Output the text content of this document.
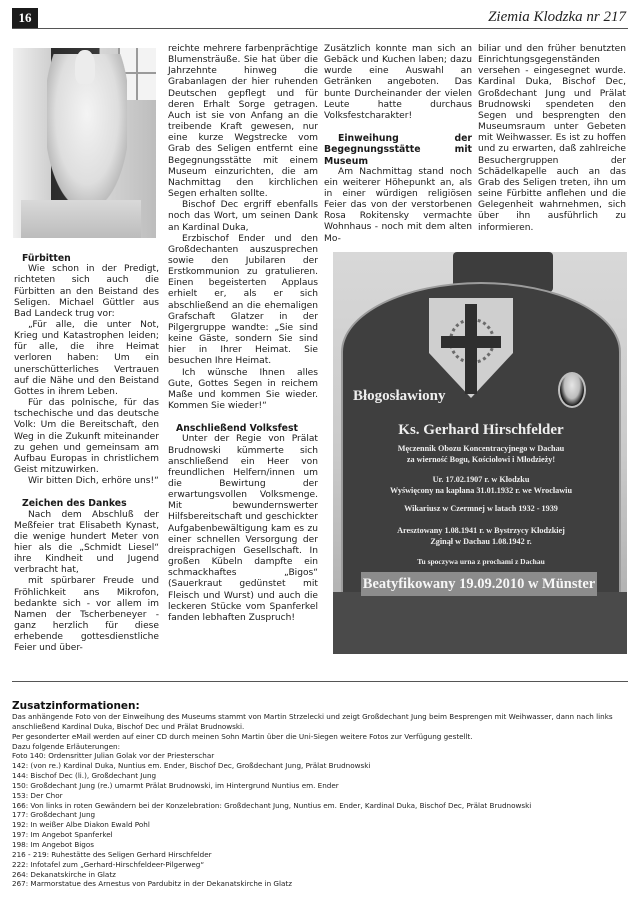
16	Ziemia Klodzka nr 217
Fürbitten

Wie schon in der Predigt, richteten sich auch die Fürbitten an den Beistand des Seligen. Michael Güttler aus Bad Landeck trug vor:

„Für alle, die unter Not, Krieg und Katastrophen leiden; für alle, die ihre Heimat verloren haben: Um ein unerschütterliches Vertrauen auf die Nähe und den Beistand Gottes in ihrem Leben.

Für das polnische, für das tschechische und das deutsche Volk: Um die Bereitschaft, den Weg in die Zukunft miteinander zu gehen und gemeinsam am Aufbau Europas in christlichem Geist mitzuwirken.

Wir bitten Dich, erhöre uns!“

Zeichen des Dankes

Nach dem Abschluß der Meßfeier trat Elisabeth Kynast, die wenige hundert Meter von hier als die „Schmidt Liesel“ ihre Kindheit und Jugend verbracht hat,

mit spürbarer Freude und Fröhlichkeit ans Mikrofon, bedankte sich - vor allem im Namen der Tscherbeneyer - ganz herzlich für diese erhebende gottesdienstliche Feier und über-

reichte mehrere farbenprächtige Blumensträuße. Sie hat über die Jahrzehnte hinweg die Grabanlagen der hier ruhenden Deutschen gepflegt und für deren Erhalt Sorge getragen. Auch ist sie von Anfang an die treibende Kraft gewesen, nur eine kurze Wegstrecke vom Grab des Seligen entfernt eine Begegnungsstätte mit einem Museum einzurichten, die am Nachmittag den kirchlichen Segen erhalten sollte.

Bischof Dec ergriff ebenfalls noch das Wort, um seinen Dank an Kardinal Duka,

Erzbischof Ender und den Großdechanten auszusprechen sowie den Jubilaren der Erstkommunion zu gratulieren. Einen begeisterten Applaus erhielt er, als er sich abschließend an die ehemaligen Grafschaft Glatzer in der Pilgergruppe wandte: „Sie sind keine Gäste, sondern Sie sind hier in Ihrer Heimat. Sie besuchen Ihre Heimat.

Ich wünsche Ihnen alles Gute, Gottes Segen in reichem Maße und kommen Sie wieder. Kommen Sie wieder!“

Anschließend Volksfest

Unter der Regie von Prälat Brudnowski kümmerte sich anschließend ein Heer von freundlichen Helfern/innen um die Bewirtung der erwartungsvollen Volksmenge. Mit bewundernswerter Hilfsbereitschaft und geschickter Aufgabenbewältigung kam es zu einer schnellen Versorgung der dreisprachigen Gesellschaft. In großen Kübeln dampfte ein schmackhaftes „Bigos“ (Sauerkraut gedünstet mit Fleisch und Wurst) und auch die leckeren Stücke vom Spanferkel fanden lebhaften Zuspruch!

Zusätzlich konnte man sich an Gebäck und Kuchen laben; dazu wurde eine Auswahl an Getränken angeboten. Das bunte Durcheinander der vielen Leute hatte durchaus Volksfestcharakter!

Einweihung der Begegnungsstätte mit Museum

Am Nachmittag stand noch ein weiterer Höhepunkt an, als in einer würdigen religiösen Feier das von der verstorbenen Rosa Rokitensky vermachte Wohnhaus - noch mit dem alten Mo-

biliar und den früher benutzten Einrichtungsgegenständen versehen - eingesegnet wurde. Kardinal Duka, Bischof Dec, Großdechant Jung und Prälat Brudnowski spendeten den Segen und besprengten den Museumsraum unter Gebeten mit Weihwasser. Es ist zu hoffen und zu erwarten, daß zahlreiche Besuchergruppen der Schädelkapelle auch an das Grab des Seligen treten, ihn um seine Fürbitte anflehen und die Gelegenheit wahrnehmen, sich über ihn ausführlich zu informieren.

Błogosławiony
Ks. Gerhard Hirschfelder
Męczennik Obozu Koncentracyjnego w Dachau
za wierność Bogu, Kościołowi i Młodzieży!
Ur. 17.02.1907 r. w Kłodzku
Wyświęcony na kapłana 31.01.1932 r. we Wrocławiu
Wikariusz w Czermnej w latach 1932 - 1939
Aresztowany 1.08.1941 r. w Bystrzycy Kłodzkiej
Zginął w Dachau 1.08.1942 r.
Tu spoczywa urna z prochami z Dachau
Beatyfikowany 19.09.2010 w Münster
Zusatzinformationen:
Das anhängende Foto von der Einweihung des Museums stammt von Martin Strzelecki und zeigt Großdechant Jung beim Besprengen mit Weihwasser, dann nach links anschließend Kardinal Duka, Bischof Dec und Prälat Brudnowski.
Per gesonderter eMail werden auf einer CD durch meinen Sohn Martin über die Uni-Siegen weitere Fotos zur Verfügung gestellt.
Dazu folgende Erläuterungen:
Foto 140: Ordensritter Julian Golak vor der Priesterschar
142: (von re.) Kardinal Duka, Nuntius em. Ender, Bischof Dec, Großdechant Jung, Prälat Brudnowski
144: Bischof Dec (li.), Großdechant Jung
150: Großdechant Jung (re.) umarmt Prälat Brudnowski, im Hintergrund Nuntius em. Ender
153: Der Chor
166: Von links in roten Gewändern bei der Konzelebration: Großdechant Jung, Nuntius em. Ender, Kardinal Duka, Bischof Dec, Prälat Brudnowski
177: Großdechant Jung
192: In weißer Albe Diakon Ewald Pohl
197: Im Angebot Spanferkel
198: Im Angebot Bigos
216 - 219: Ruhestätte des Seligen Gerhard Hirschfelder
222: Infotafel zum „Gerhard-Hirschfeldeer-Pilgerweg“
264: Dekanatskirche in Glatz
267: Marmorstatue des Arnestus von Pardubitz in der Dekanatskirche in Glatz
